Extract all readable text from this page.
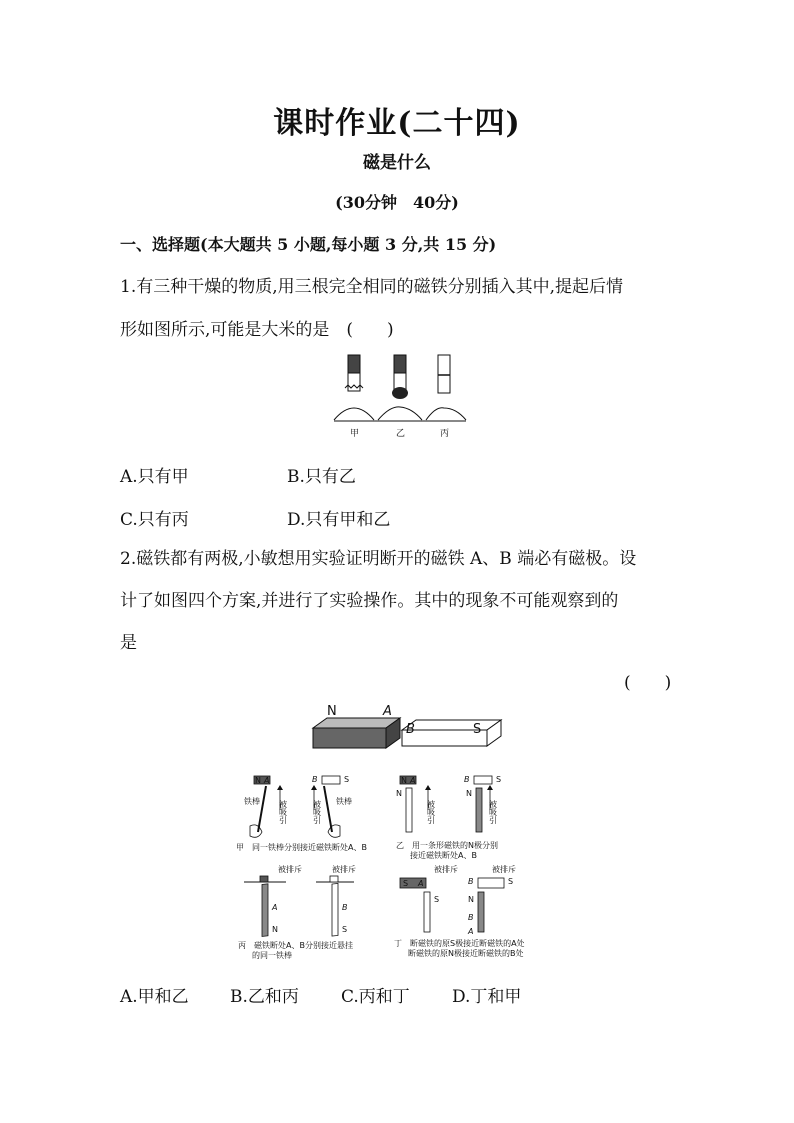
课时作业(二十四)
磁是什么
(30分钟　40分)
一、选择题(本大题共 5 小题,每小题 3 分,共 15 分)
1.有三种干燥的物质,用三根完全相同的磁铁分别插入其中,提起后情
形如图所示,可能是大米的是　(　　)
甲	乙	丙
A.只有甲	B.只有乙
C.只有丙	D.只有甲和乙
2.磁铁都有两极,小敏想用实验证明断开的磁铁 A、B 端必有磁极。设
计了如图四个方案,并进行了实验操作。其中的现象不可能观察到的
是
(　　)
N	A
B	S
N A	B	S
铁棒	铁棒
被吸引	被吸引
甲　同一铁棒分别接近磁铁断处A、B
N A	B	S
N	N
被吸引	被吸引
乙　用一条形磁铁的N极分别
接近磁铁断处A、B
A
N
B
S
被排斥	被排斥
丙　磁铁断处A、B分别接近悬挂
的同一铁棒
S A
S
B	S
N
B
A
被排斥	被排斥
丁　断磁铁的原S极接近断磁铁的A处
断磁铁的原N极接近断磁铁的B处
A.甲和乙 B.乙和丙 C.丙和丁 D.丁和甲
